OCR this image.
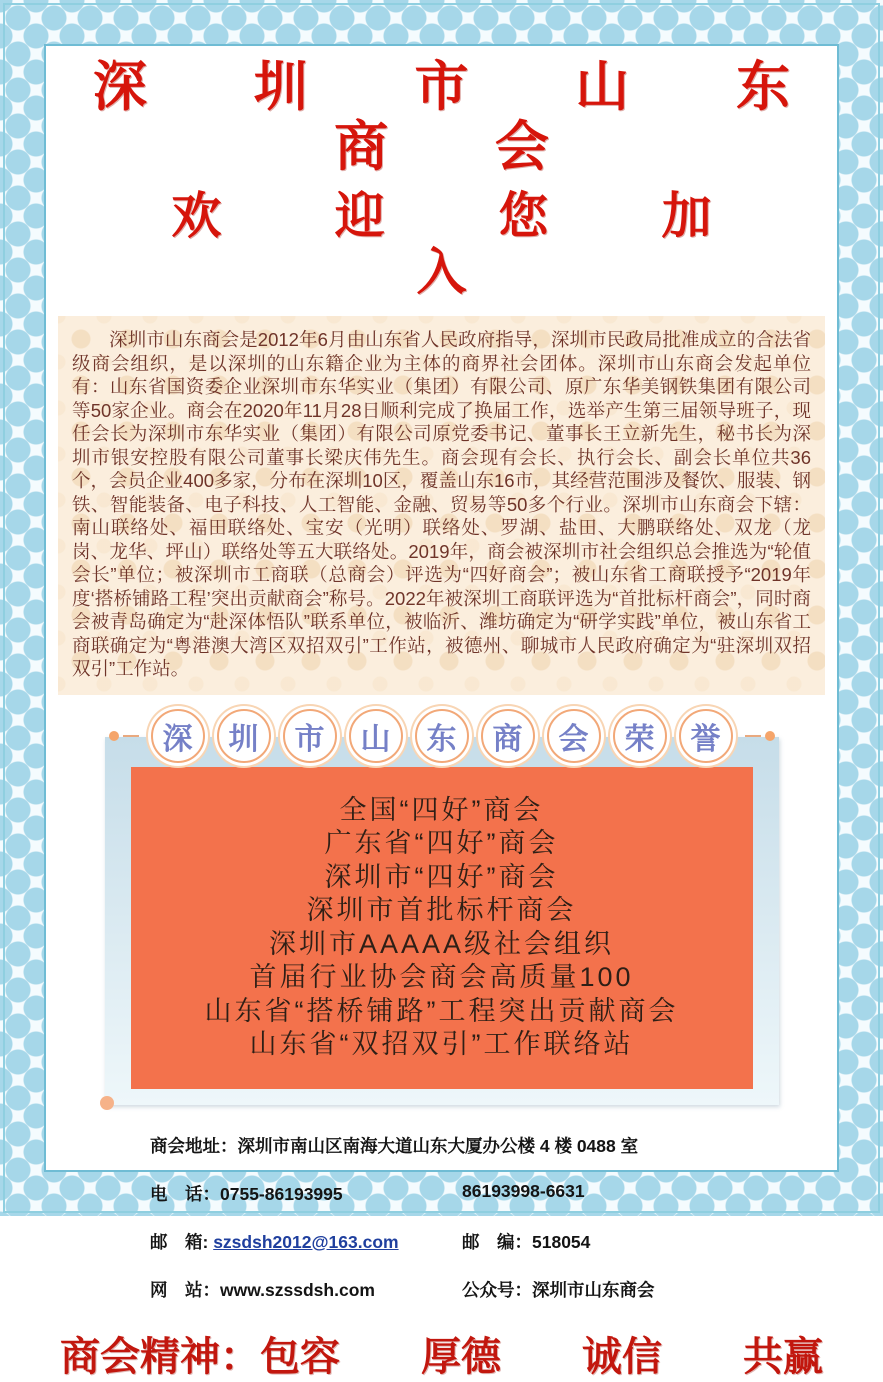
深 圳 市 山 东 商 会
欢 迎 您 加 入
　　深圳市山东商会是2012年6月由山东省人民政府指导，深圳市民政局批准成立的合法省级商会组织，是以深圳的山东籍企业为主体的商界社会团体。深圳市山东商会发起单位有：山东省国资委企业深圳市东华实业（集团）有限公司、原广东华美钢铁集团有限公司等50家企业。商会在2020年11月28日顺利完成了换届工作，选举产生第三届领导班子，现任会长为深圳市东华实业（集团）有限公司原党委书记、董事长王立新先生，秘书长为深圳市银安控股有限公司董事长梁庆伟先生。商会现有会长、执行会长、副会长单位共36个，会员企业400多家，分布在深圳10区，覆盖山东16市，其经营范围涉及餐饮、服装、钢铁、智能装备、电子科技、人工智能、金融、贸易等50多个行业。深圳市山东商会下辖：南山联络处、福田联络处、宝安（光明）联络处、罗湖、盐田、大鹏联络处、双龙（龙岗、龙华、坪山）联络处等五大联络处。2019年，商会被深圳市社会组织总会推选为“轮值会长”单位；被深圳市工商联（总商会）评选为“四好商会”；被山东省工商联授予“2019年度‘搭桥铺路工程’突出贡献商会”称号。2022年被深圳工商联评选为“首批标杆商会”，同时商会被青岛确定为“赴深体悟队”联系单位，被临沂、潍坊确定为“研学实践”单位，被山东省工商联确定为“粤港澳大湾区双招双引”工作站，被德州、聊城市人民政府确定为“驻深圳双招双引”工作站。
深	圳	市	山	东	商	会	荣	誉
全国“四好”商会
广东省“四好”商会
深圳市“四好”商会
深圳市首批标杆商会
深圳市AAAAA级社会组织
首届行业协会商会高质量100
山东省“搭桥铺路”工程突出贡献商会
山东省“双招双引”工作联络站
商会地址： 深圳市南山区南海大道山东大厦办公楼 4 楼 0488 室
电　话：0755-86193995	86193998-6631
邮　箱: szsdsh2012@163.com	邮　编：518054
网　站：www.szssdsh.com	公众号：深圳市山东商会
商会精神：包容 厚德 诚信 共赢
